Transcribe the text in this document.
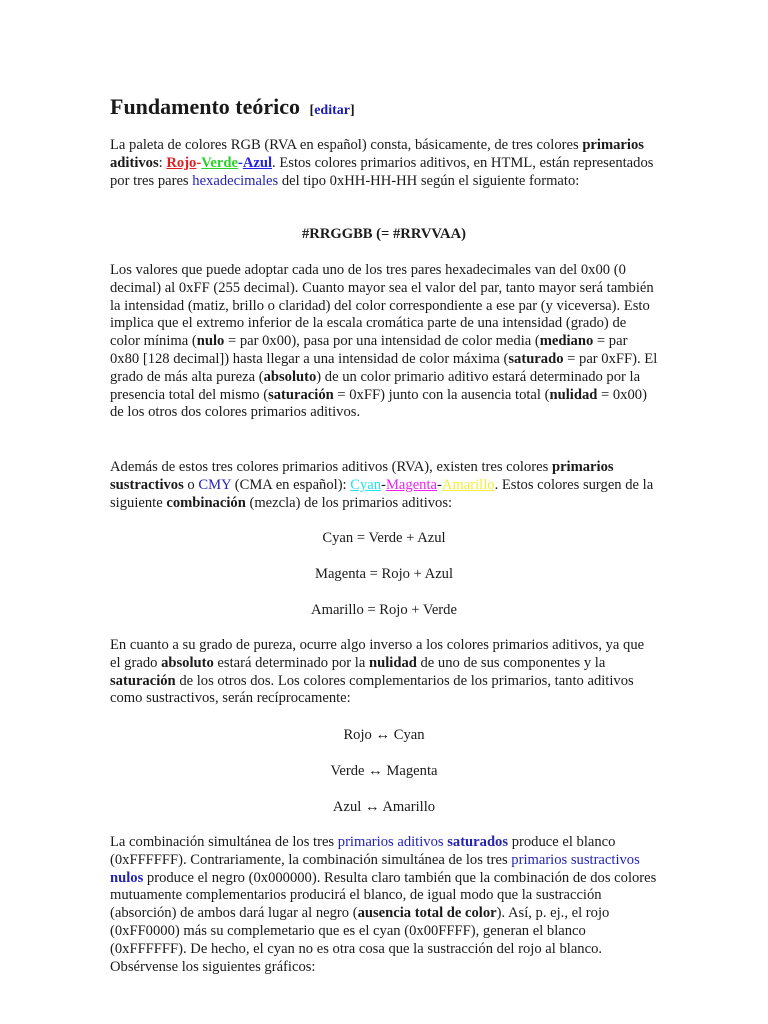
Fundamento teórico [editar]

La paleta de colores RGB (RVA en español) consta, básicamente, de tres colores primarios aditivos: Rojo-Verde-Azul. Estos colores primarios aditivos, en HTML, están representados por tres pares hexadecimales del tipo 0xHH-HH-HH según el siguiente formato:

#RRGGBB (= #RRVVAA)

Los valores que puede adoptar cada uno de los tres pares hexadecimales van del 0x00 (0 decimal) al 0xFF (255 decimal). Cuanto mayor sea el valor del par, tanto mayor será también la intensidad (matiz, brillo o claridad) del color correspondiente a ese par (y viceversa). Esto implica que el extremo inferior de la escala cromática parte de una intensidad (grado) de color mínima (nulo = par 0x00), pasa por una intensidad de color media (mediano = par 0x80 [128 decimal]) hasta llegar a una intensidad de color máxima (saturado = par 0xFF). El grado de más alta pureza (absoluto) de un color primario aditivo estará determinado por la presencia total del mismo (saturación = 0xFF) junto con la ausencia total (nulidad = 0x00) de los otros dos colores primarios aditivos.

Además de estos tres colores primarios aditivos (RVA), existen tres colores primarios sustractivos o CMY (CMA en español): Cyan-Magenta-Amarillo. Estos colores surgen de la siguiente combinación (mezcla) de los primarios aditivos:

Cyan = Verde + Azul

Magenta = Rojo + Azul

Amarillo = Rojo + Verde

En cuanto a su grado de pureza, ocurre algo inverso a los colores primarios aditivos, ya que el grado absoluto estará determinado por la nulidad de uno de sus componentes y la saturación de los otros dos. Los colores complementarios de los primarios, tanto aditivos como sustractivos, serán recíprocamente:

Rojo ↔ Cyan

Verde ↔ Magenta

Azul ↔ Amarillo

La combinación simultánea de los tres primarios aditivos saturados produce el blanco (0xFFFFFF). Contrariamente, la combinación simultánea de los tres primarios sustractivos nulos produce el negro (0x000000). Resulta claro también que la combinación de dos colores mutuamente complementarios producirá el blanco, de igual modo que la sustracción (absorción) de ambos dará lugar al negro (ausencia total de color). Así, p. ej., el rojo (0xFF0000) más su complemetario que es el cyan (0x00FFFF), generan el blanco (0xFFFFFF). De hecho, el cyan no es otra cosa que la sustracción del rojo al blanco. Obsérvense los siguientes gráficos:
